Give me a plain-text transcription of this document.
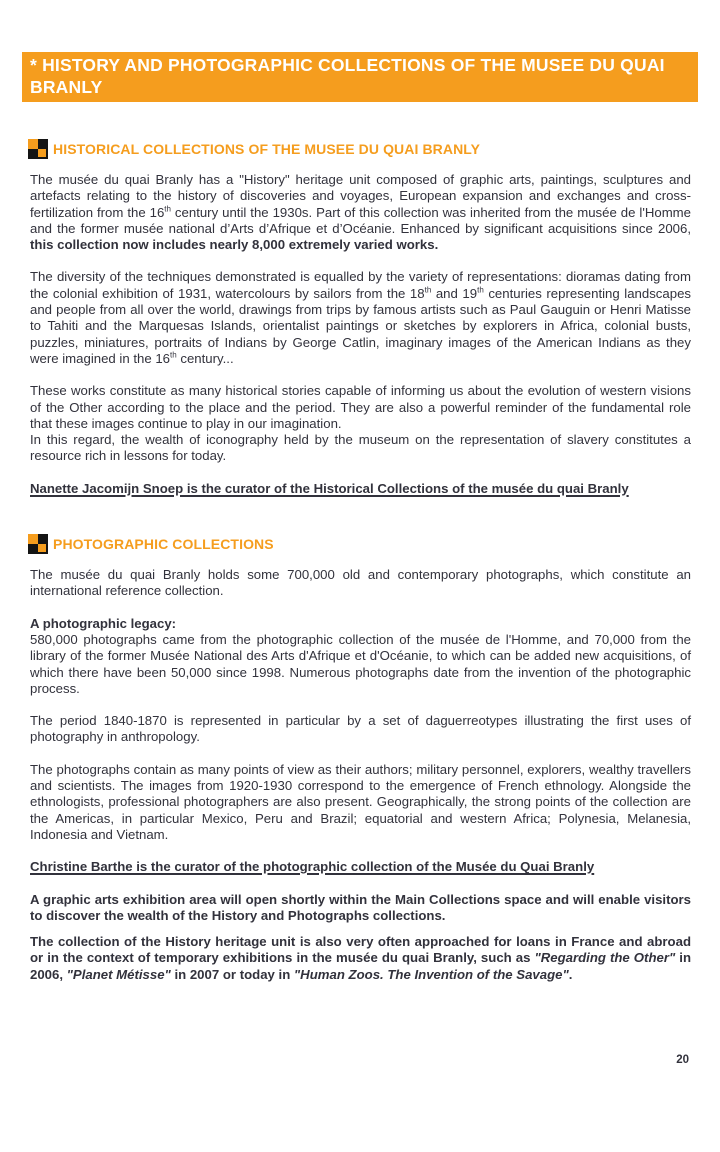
* HISTORY AND PHOTOGRAPHIC COLLECTIONS OF THE MUSEE DU QUAI BRANLY
HISTORICAL COLLECTIONS OF THE MUSEE DU QUAI BRANLY

The musée du quai Branly has a "History" heritage unit composed of graphic arts, paintings, sculptures and artefacts relating to the history of discoveries and voyages, European expansion and exchanges and cross-fertilization from the 16th century until the 1930s. Part of this collection was inherited from the musée de l'Homme and the former musée national d’Arts d’Afrique et d’Océanie. Enhanced by significant acquisitions since 2006, this collection now includes nearly 8,000 extremely varied works.

The diversity of the techniques demonstrated is equalled by the variety of representations: dioramas dating from the colonial exhibition of 1931, watercolours by sailors from the 18th and 19th centuries representing landscapes and people from all over the world, drawings from trips by famous artists such as Paul Gauguin or Henri Matisse to Tahiti and the Marquesas Islands, orientalist paintings or sketches by explorers in Africa, colonial busts, puzzles, miniatures, portraits of Indians by George Catlin, imaginary images of the American Indians as they were imagined in the 16th century...

These works constitute as many historical stories capable of informing us about the evolution of western visions of the Other according to the place and the period. They are also a powerful reminder of the fundamental role that these images continue to play in our imagination.
In this regard, the wealth of iconography held by the museum on the representation of slavery constitutes a resource rich in lessons for today.

Nanette Jacomijn Snoep is the curator of the Historical Collections of the musée du quai Branly

PHOTOGRAPHIC COLLECTIONS

The musée du quai Branly holds some 700,000 old and contemporary photographs, which constitute an international reference collection.

A photographic legacy:
580,000 photographs came from the photographic collection of the musée de l'Homme, and 70,000 from the library of the former Musée National des Arts d'Afrique et d'Océanie, to which can be added new acquisitions, of which there have been 50,000 since 1998. Numerous photographs date from the invention of the photographic process.

The period 1840-1870 is represented in particular by a set of daguerreotypes illustrating the first uses of photography in anthropology.

The photographs contain as many points of view as their authors; military personnel, explorers, wealthy travellers and scientists. The images from 1920-1930 correspond to the emergence of French ethnology. Alongside the ethnologists, professional photographers are also present. Geographically, the strong points of the collection are the Americas, in particular Mexico, Peru and Brazil; equatorial and western Africa; Polynesia, Melanesia, Indonesia and Vietnam.

Christine Barthe is the curator of the photographic collection of the Musée du Quai Branly

A graphic arts exhibition area will open shortly within the Main Collections space and will enable visitors to discover the wealth of the History and Photographs collections.

The collection of the History heritage unit is also very often approached for loans in France and abroad or in the context of temporary exhibitions in the musée du quai Branly, such as "Regarding the Other" in 2006, "Planet Métisse" in 2007 or today in "Human Zoos. The Invention of the Savage".

20
